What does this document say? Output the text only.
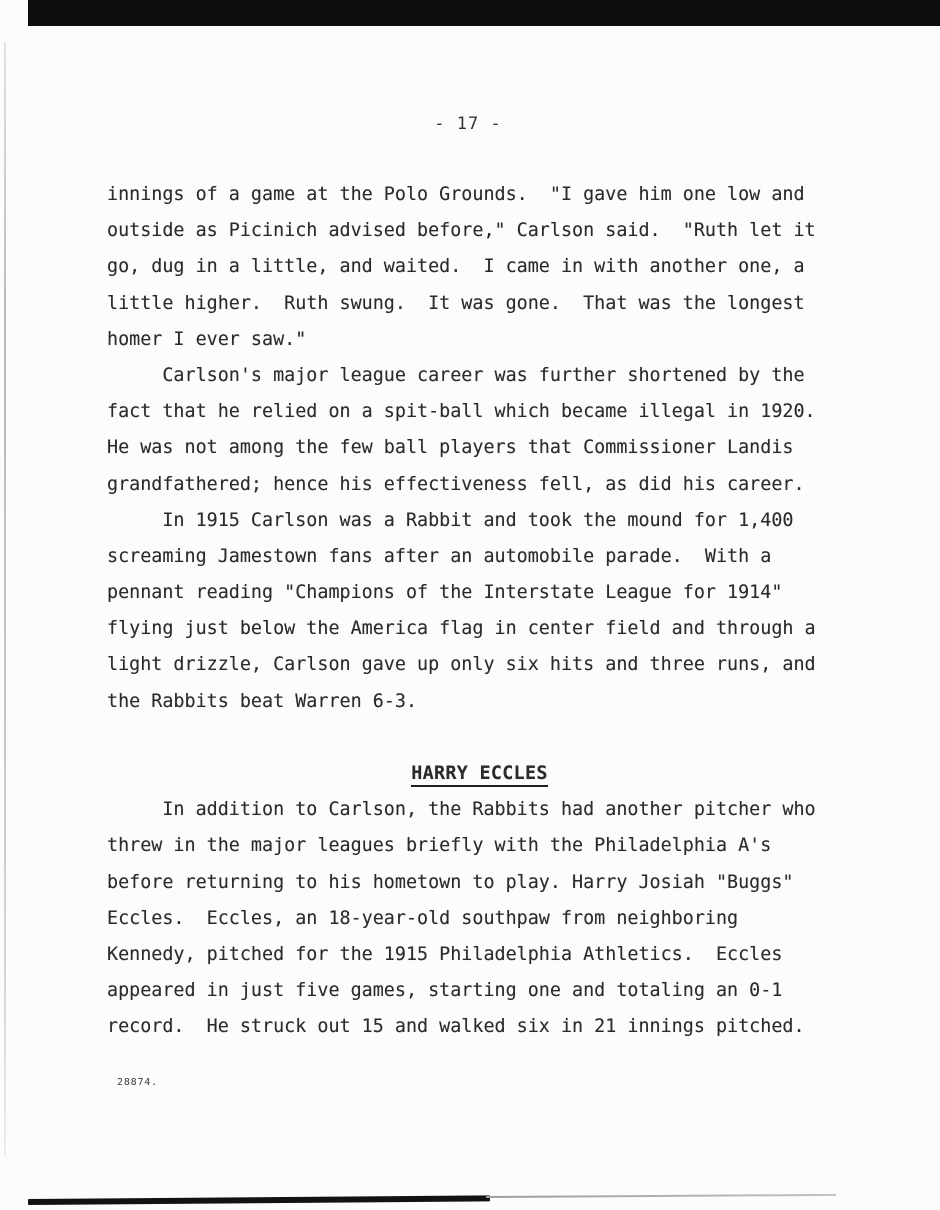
- 17 -
innings of a game at the Polo Grounds.  "I gave him one low and
outside as Picinich advised before," Carlson said.  "Ruth let it
go, dug in a little, and waited.  I came in with another one, a
little higher.  Ruth swung.  It was gone.  That was the longest
homer I ever saw."
Carlson's major league career was further shortened by the
fact that he relied on a spit-ball which became illegal in 1920.
He was not among the few ball players that Commissioner Landis
grandfathered; hence his effectiveness fell, as did his career.
In 1915 Carlson was a Rabbit and took the mound for 1,400
screaming Jamestown fans after an automobile parade.  With a
pennant reading "Champions of the Interstate League for 1914"
flying just below the America flag in center field and through a
light drizzle, Carlson gave up only six hits and three runs, and
the Rabbits beat Warren 6-3.
HARRY ECCLES
In addition to Carlson, the Rabbits had another pitcher who
threw in the major leagues briefly with the Philadelphia A's
before returning to his hometown to play. Harry Josiah "Buggs"
Eccles.  Eccles, an 18-year-old southpaw from neighboring
Kennedy, pitched for the 1915 Philadelphia Athletics.  Eccles
appeared in just five games, starting one and totaling an 0-1
record.  He struck out 15 and walked six in 21 innings pitched.
28874.
